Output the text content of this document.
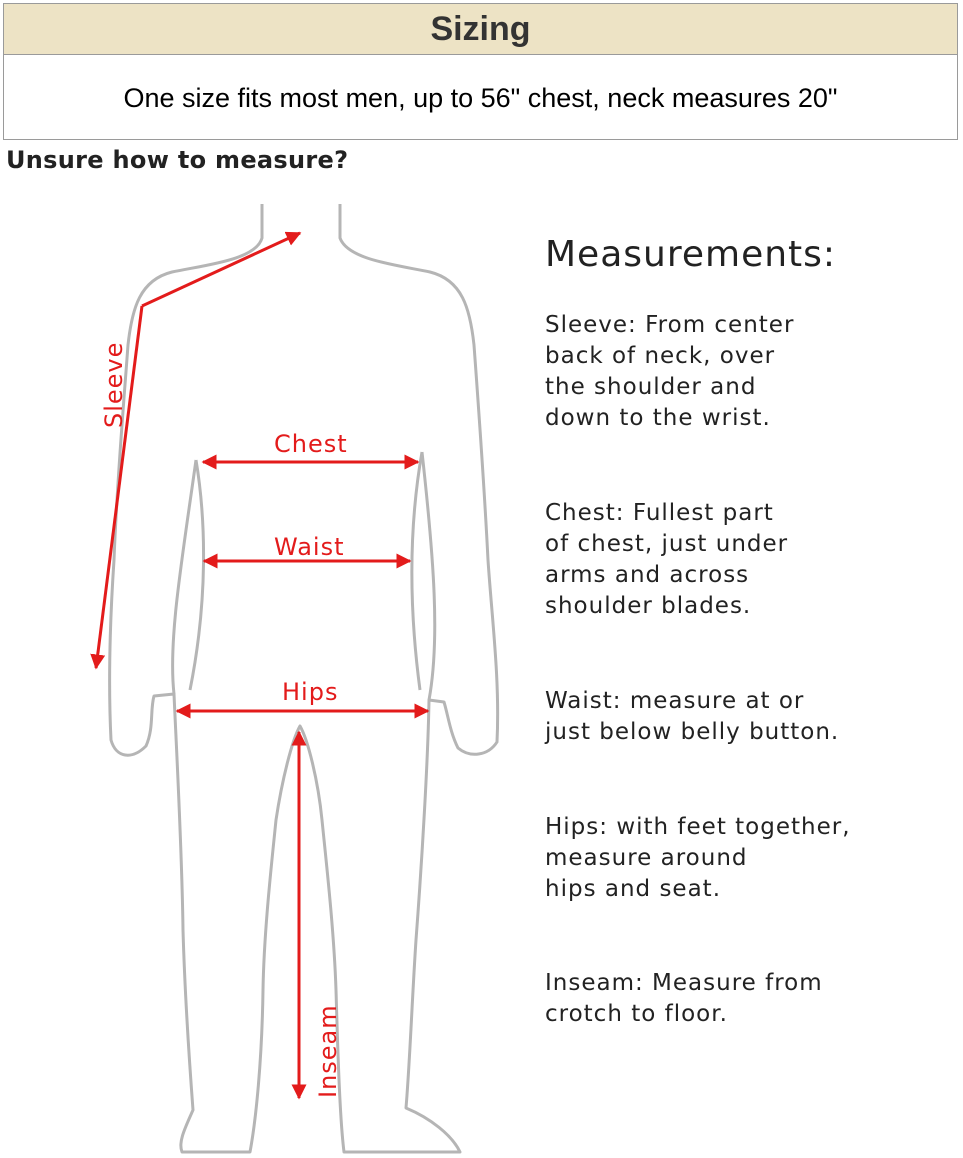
Sizing
One size fits most men, up to 56" chest, neck measures 20"
Unsure how to measure?
Sleeve
Chest
Waist
Hips
Inseam
Measurements:
Sleeve: From center
back of neck, over
the shoulder and
down to the wrist.
Chest: Fullest part
of chest, just under
arms and across
shoulder blades.
Waist: measure at or
just below belly button.
Hips: with feet together,
measure around
hips and seat.
Inseam: Measure from
crotch to floor.
